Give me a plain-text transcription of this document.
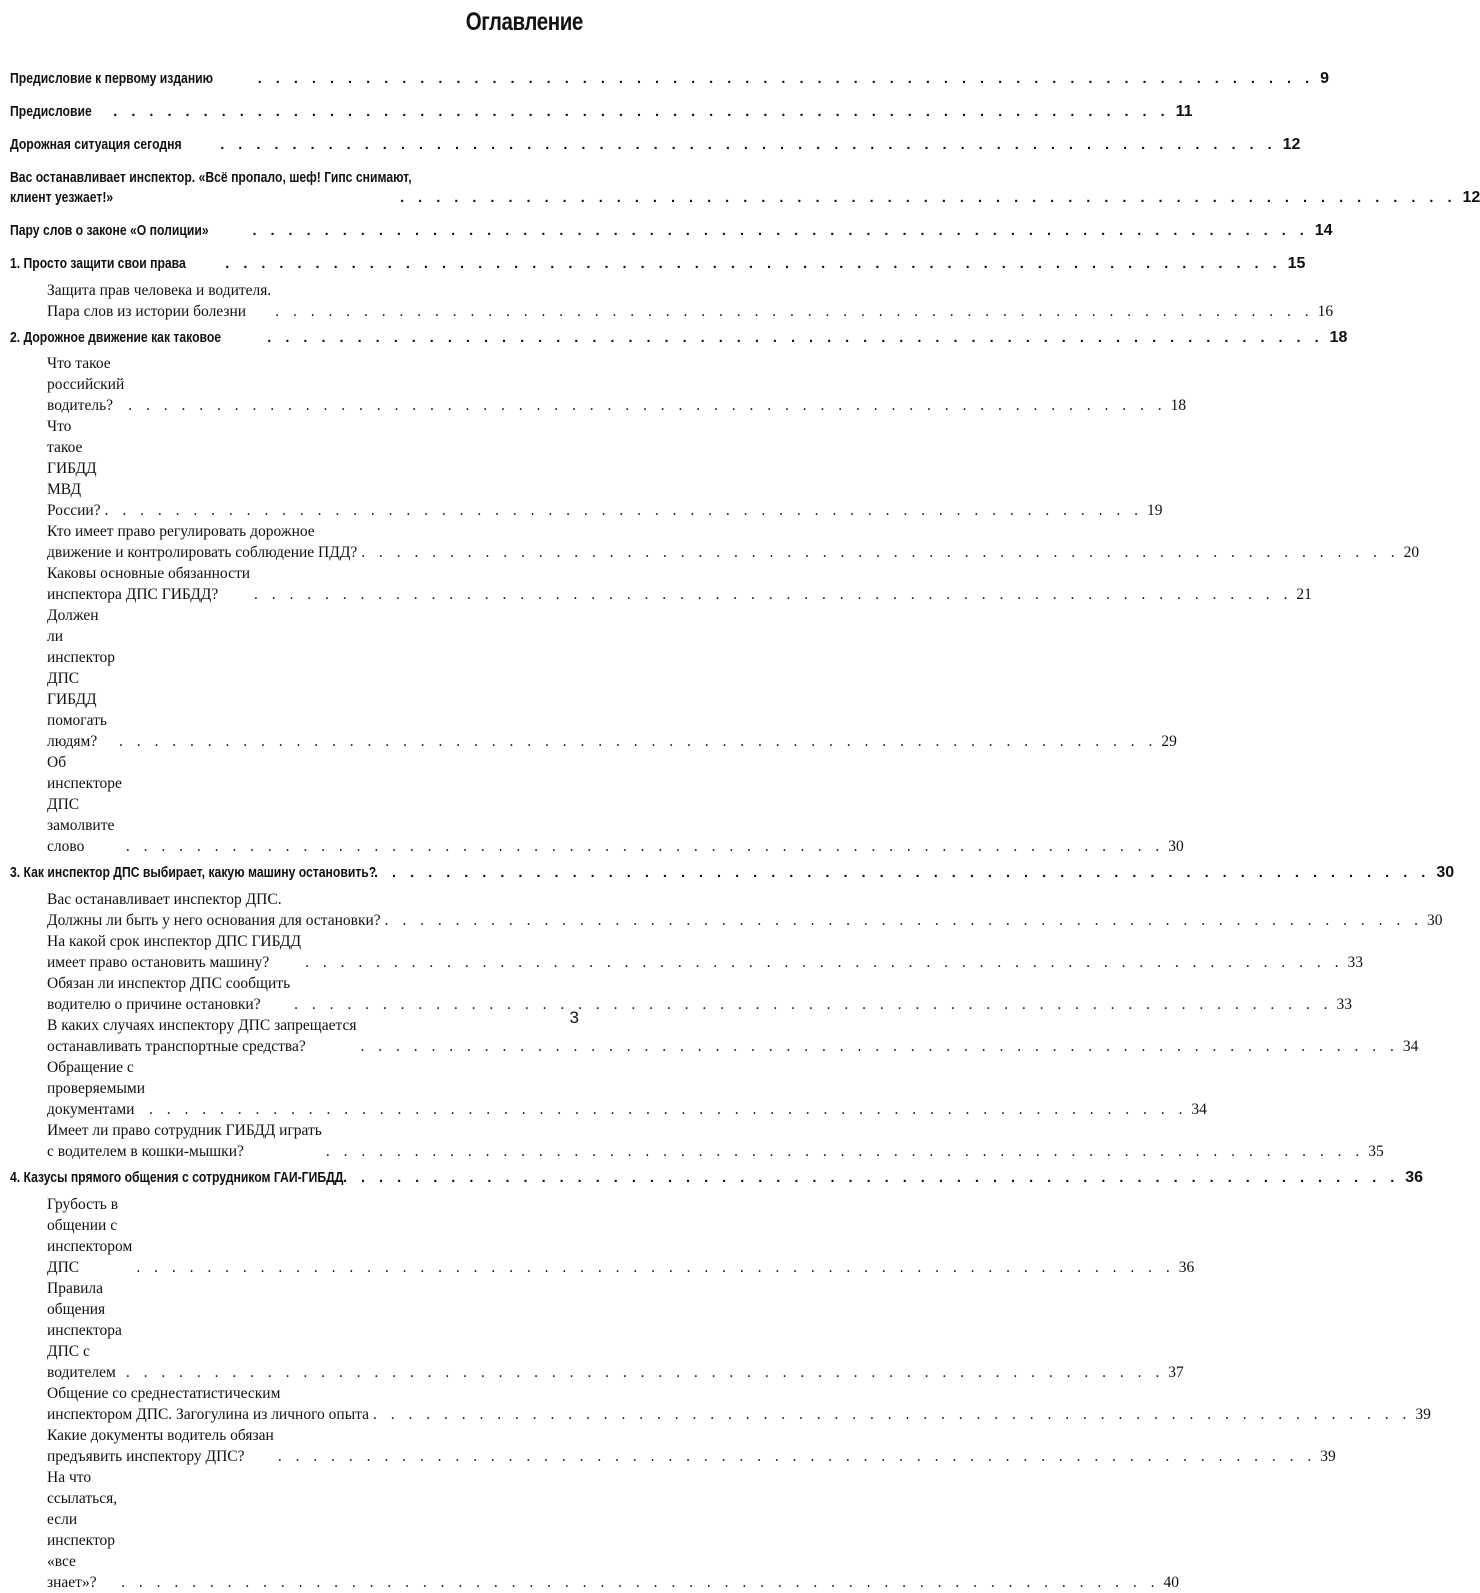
Оглавление
Предисловие к первому изданию	. . . . . . . . . . . . . . . . . . . . . . . . . . . . . . . . . . . . . . . . . . . . . . . . . . . . . . . . . . . 9
Предисловие	. . . . . . . . . . . . . . . . . . . . . . . . . . . . . . . . . . . . . . . . . . . . . . . . . . . . . . . . . . . 11
Дорожная ситуация сегодня	. . . . . . . . . . . . . . . . . . . . . . . . . . . . . . . . . . . . . . . . . . . . . . . . . . . . . . . . . . . 12
Вас останавливает инспектор. «Всё пропало, шеф! Гипс снимают,
клиент уезжает!»	. . . . . . . . . . . . . . . . . . . . . . . . . . . . . . . . . . . . . . . . . . . . . . . . . . . . . . . . . . . 12
Пару слов о законе «О полиции»	. . . . . . . . . . . . . . . . . . . . . . . . . . . . . . . . . . . . . . . . . . . . . . . . . . . . . . . . . . . 14
1. Просто защити свои права	. . . . . . . . . . . . . . . . . . . . . . . . . . . . . . . . . . . . . . . . . . . . . . . . . . . . . . . . . . . 15
Защита прав человека и водителя.
Пара слов из истории болезни	. . . . . . . . . . . . . . . . . . . . . . . . . . . . . . . . . . . . . . . . . . . . . . . . . . . . . . . . . . . 16
2. Дорожное движение как таковое	. . . . . . . . . . . . . . . . . . . . . . . . . . . . . . . . . . . . . . . . . . . . . . . . . . . . . . . . . . . 18
Что такое российский водитель? . . . . . . . . . . . . . . . . . . . . . . . . . . . . . . . . . . . . . . . . . . . . . . . . . . . . . . . . . . . 18
Что такое ГИБДД МВД России? . . . . . . . . . . . . . . . . . . . . . . . . . . . . . . . . . . . . . . . . . . . . . . . . . . . . . . . . . . . 19
Кто имеет право регулировать дорожное
движение и контролировать соблюдение ПДД? . . . . . . . . . . . . . . . . . . . . . . . . . . . . . . . . . . . . . . . . . . . . . . . . . . . . . . . . . . . 20
Каковы основные обязанности
инспектора ДПС ГИБДД?	. . . . . . . . . . . . . . . . . . . . . . . . . . . . . . . . . . . . . . . . . . . . . . . . . . . . . . . . . . . 21
Должен ли инспектор ДПС ГИБДД помогать людям?	. . . . . . . . . . . . . . . . . . . . . . . . . . . . . . . . . . . . . . . . . . . . . . . . . . . . . . . . . . . 29
Об инспекторе ДПС замолвите слово	. . . . . . . . . . . . . . . . . . . . . . . . . . . . . . . . . . . . . . . . . . . . . . . . . . . . . . . . . . . 30
3. Как инспектор ДПС выбирает, какую машину остановить?
. . . . . . . . . . . . . . . . . . . . . . . . . . . . . . . . . . . . . . . . . . . . . . . . . . . . . . . . . . . 30
Вас останавливает инспектор ДПС.
Должны ли быть у него основания для остановки? . . . . . . . . . . . . . . . . . . . . . . . . . . . . . . . . . . . . . . . . . . . . . . . . . . . . . . . . . . . 30
На какой срок инспектор ДПС ГИБДД
имеет право остановить машину?	. . . . . . . . . . . . . . . . . . . . . . . . . . . . . . . . . . . . . . . . . . . . . . . . . . . . . . . . . . . 33
Обязан ли инспектор ДПС сообщить
водителю о причине остановки?	. . . . . . . . . . . . . . . . . . . . . . . . . . . . . . . . . . . . . . . . . . . . . . . . . . . . . . . . . . . 33
В каких случаях инспектору ДПС запрещается
останавливать транспортные средства?	. . . . . . . . . . . . . . . . . . . . . . . . . . . . . . . . . . . . . . . . . . . . . . . . . . . . . . . . . . . 34
Обращение с проверяемыми документами . . . . . . . . . . . . . . . . . . . . . . . . . . . . . . . . . . . . . . . . . . . . . . . . . . . . . . . . . . . 34
Имеет ли право сотрудник ГИБДД играть
с водителем в кошки-мышки?	. . . . . . . . . . . . . . . . . . . . . . . . . . . . . . . . . . . . . . . . . . . . . . . . . . . . . . . . . . . 35
4. Казусы прямого общения с сотрудником ГАИ-ГИБДД . . . . . . . . . . . . . . . . . . . . . . . . . . . . . . . . . . . . . . . . . . . . . . . . . . . . . . . . . . . 36
Грубость в общении с инспектором ДПС	. . . . . . . . . . . . . . . . . . . . . . . . . . . . . . . . . . . . . . . . . . . . . . . . . . . . . . . . . . . 36
Правила общения инспектора ДПС с водителем . . . . . . . . . . . . . . . . . . . . . . . . . . . . . . . . . . . . . . . . . . . . . . . . . . . . . . . . . . . 37
Общение со среднестатистическим
инспектором ДПС. Загогулина из личного опыта . . . . . . . . . . . . . . . . . . . . . . . . . . . . . . . . . . . . . . . . . . . . . . . . . . . . . . . . . . . 39
Какие документы водитель обязан
предъявить инспектору ДПС?	. . . . . . . . . . . . . . . . . . . . . . . . . . . . . . . . . . . . . . . . . . . . . . . . . . . . . . . . . . . 39
На что ссылаться, если инспектор «все знает»?	. . . . . . . . . . . . . . . . . . . . . . . . . . . . . . . . . . . . . . . . . . . . . . . . . . . . . . . . . . . 40
3
